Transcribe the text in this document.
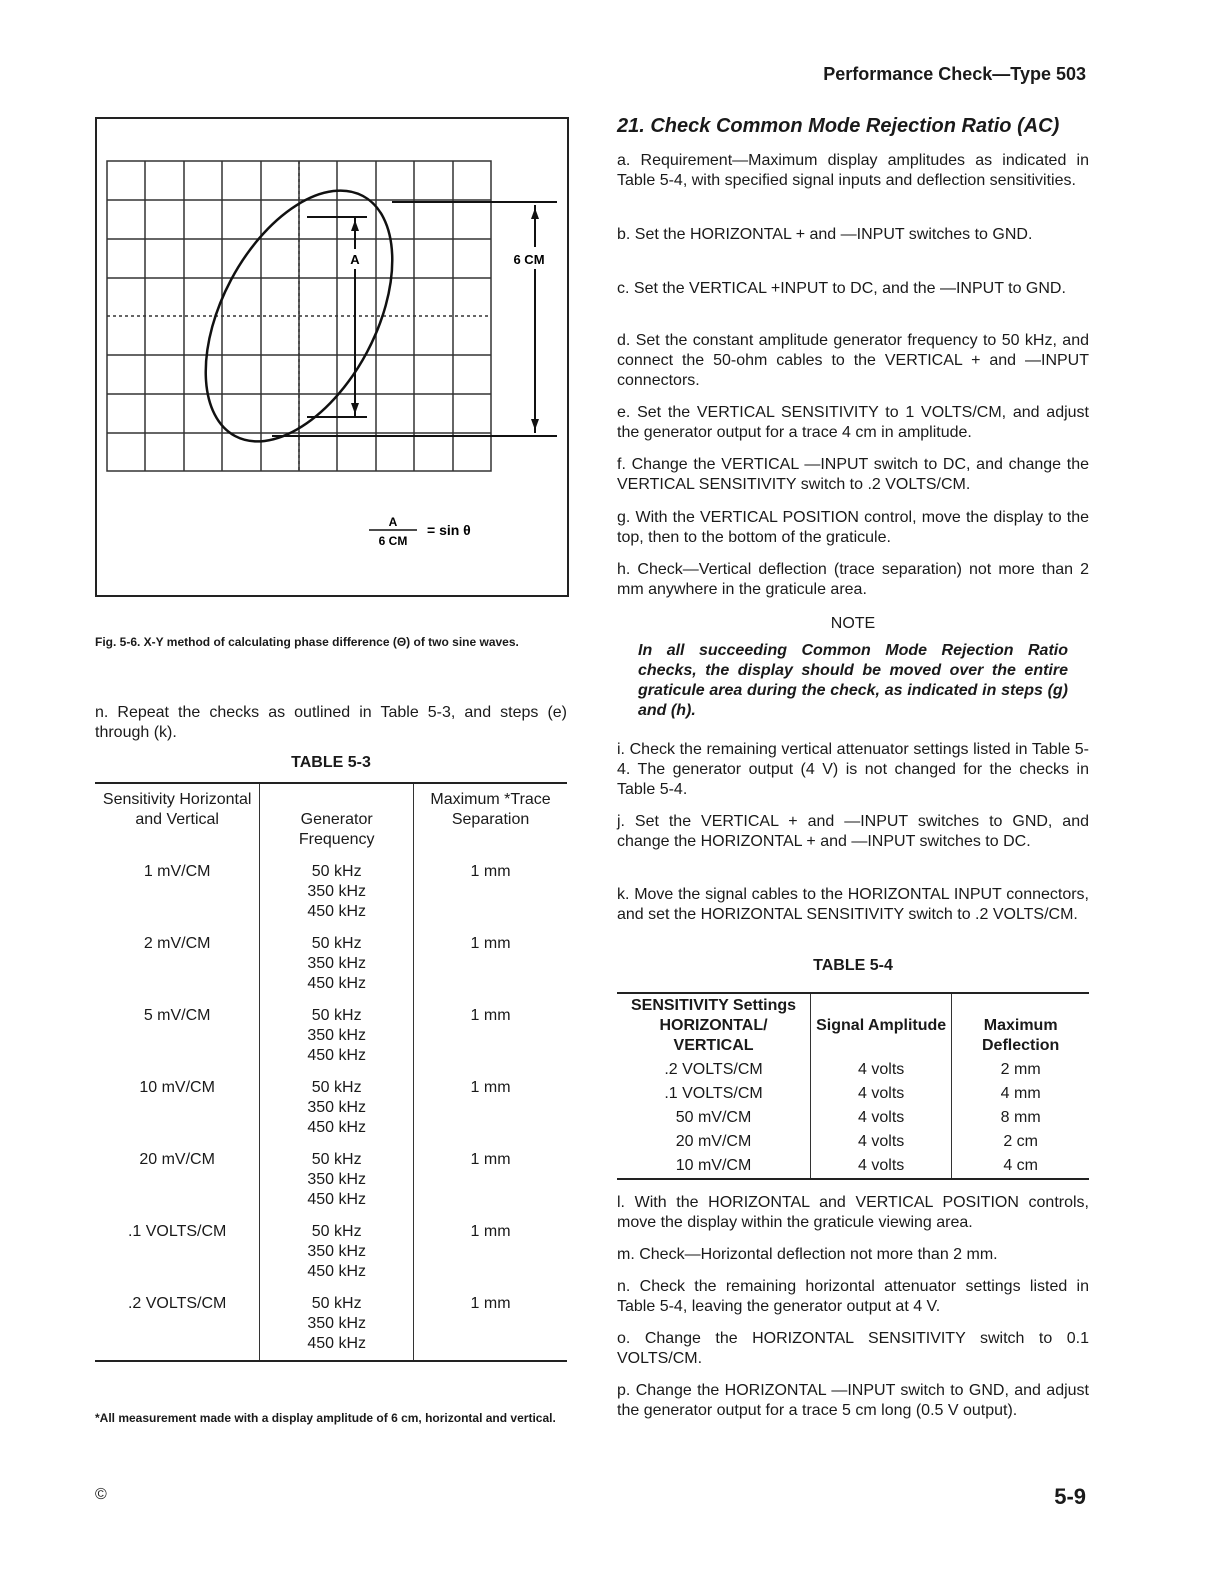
Performance Check—Type 503
A	6 CM
A
6 CM
= sin θ
Fig. 5-6. X-Y method of calculating phase difference (Θ) of two sine waves.
n. Repeat the checks as outlined in Table 5-3, and steps (e) through (k).
TABLE 5-3
Sensitivity Horizontal and Vertical	Generator Frequency	Maximum *Trace Separation
1 mV/CM	50 kHz
350 kHz
450 kHz	1 mm
2 mV/CM	50 kHz
350 kHz
450 kHz	1 mm
5 mV/CM	50 kHz
350 kHz
450 kHz	1 mm
10 mV/CM	50 kHz
350 kHz
450 kHz	1 mm
20 mV/CM	50 kHz
350 kHz
450 kHz	1 mm
.1 VOLTS/CM	50 kHz
350 kHz
450 kHz	1 mm
.2 VOLTS/CM	50 kHz
350 kHz
450 kHz	1 mm
*All measurement made with a display amplitude of 6 cm, horizontal and vertical.
21. Check Common Mode Rejection Ratio (AC)
a. Requirement—Maximum display amplitudes as indicated in Table 5-4, with specified signal inputs and deflection sensitivities.
b. Set the HORIZONTAL + and —INPUT switches to GND.
c. Set the VERTICAL +INPUT to DC, and the —INPUT to GND.
d. Set the constant amplitude generator frequency to 50 kHz, and connect the 50-ohm cables to the VERTICAL + and —INPUT connectors.
e. Set the VERTICAL SENSITIVITY to 1 VOLTS/CM, and adjust the generator output for a trace 4 cm in amplitude.
f. Change the VERTICAL —INPUT switch to DC, and change the VERTICAL SENSITIVITY switch to .2 VOLTS/CM.
g. With the VERTICAL POSITION control, move the display to the top, then to the bottom of the graticule.
h. Check—Vertical deflection (trace separation) not more than 2 mm anywhere in the graticule area.
NOTE
In all succeeding Common Mode Rejection Ratio checks, the display should be moved over the entire graticule area during the check, as indicated in steps (g) and (h).
i. Check the remaining vertical attenuator settings listed in Table 5-4. The generator output (4 V) is not changed for the checks in Table 5-4.
j. Set the VERTICAL + and —INPUT switches to GND, and change the HORIZONTAL + and —INPUT switches to DC.
k. Move the signal cables to the HORIZONTAL INPUT connectors, and set the HORIZONTAL SENSITIVITY switch to .2 VOLTS/CM.
TABLE 5-4
SENSITIVITY Settings HORIZONTAL/ VERTICAL	Signal Amplitude	Maximum Deflection
.2 VOLTS/CM	4 volts	2 mm
.1 VOLTS/CM	4 volts	4 mm
50 mV/CM	4 volts	8 mm
20 mV/CM	4 volts	2 cm
10 mV/CM	4 volts	4 cm
l. With the HORIZONTAL and VERTICAL POSITION controls, move the display within the graticule viewing area.
m. Check—Horizontal deflection not more than 2 mm.
n. Check the remaining horizontal attenuator settings listed in Table 5-4, leaving the generator output at 4 V.
o. Change the HORIZONTAL SENSITIVITY switch to 0.1 VOLTS/CM.
p. Change the HORIZONTAL —INPUT switch to GND, and adjust the generator output for a trace 5 cm long (0.5 V output).
©	5-9
